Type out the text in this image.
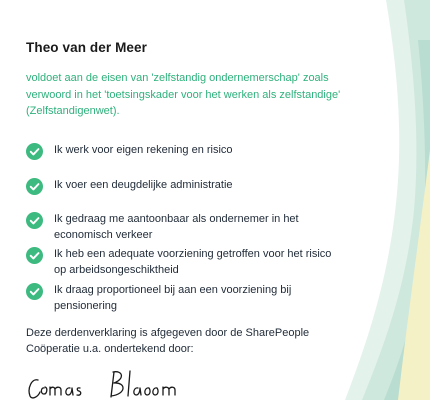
Theo van der Meer
voldoet aan de eisen van 'zelfstandig ondernemerschap' zoals verwoord in het 'toetsingskader voor het werken als zelfstandige' (Zelfstandigenwet).
Ik werk voor eigen rekening en risico
Ik voer een deugdelijke administratie
Ik gedraag me aantoonbaar als ondernemer in het economisch verkeer
Ik heb een adequate voorziening getroffen voor het risico op arbeidsongeschiktheid
Ik draag proportioneel bij aan een voorziening bij pensionering
Deze derdenverklaring is afgegeven door de SharePeople Coöperatie u.a. ondertekend door:
